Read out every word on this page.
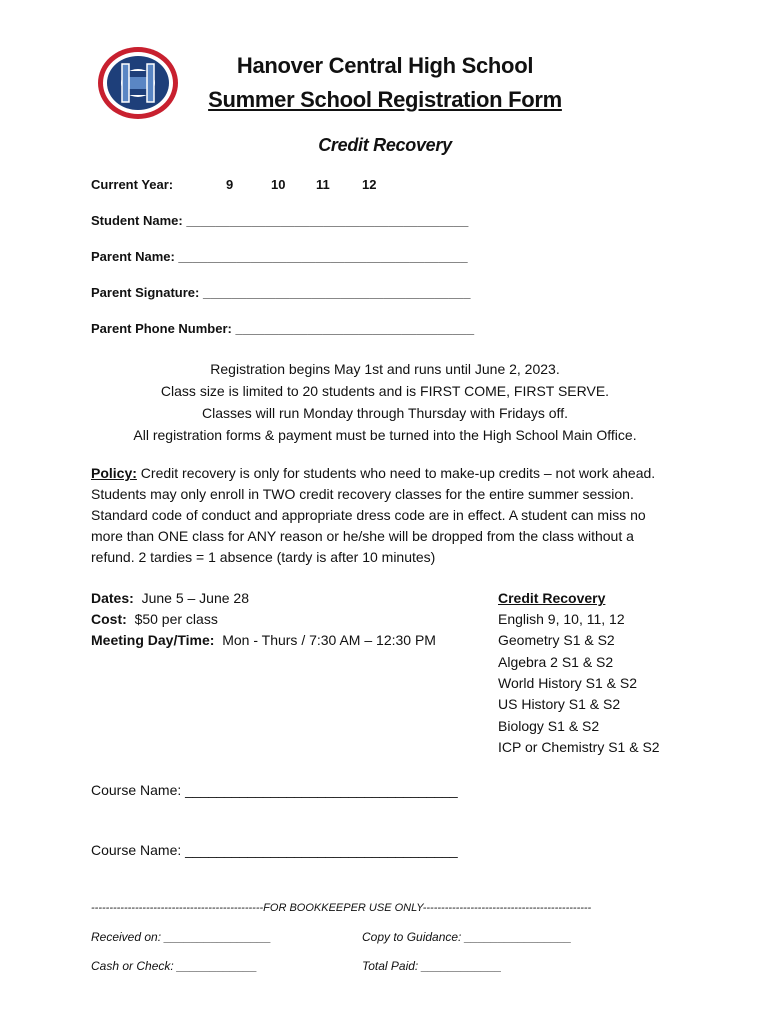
Hanover Central High School
Summer School Registration Form
Credit Recovery
Current Year:	9	10 11 12
Student Name: _______________________________________
Parent Name: ________________________________________
Parent Signature: _____________________________________
Parent Phone Number: _________________________________
Registration begins May 1st and runs until June 2, 2023.
Class size is limited to 20 students and is FIRST COME, FIRST SERVE.
Classes will run Monday through Thursday with Fridays off.
All registration forms & payment must be turned into the High School Main Office.
Policy: Credit recovery is only for students who need to make-up credits – not work ahead. Students may only enroll in TWO credit recovery classes for the entire summer session. Standard code of conduct and appropriate dress code are in effect. A student can miss no more than ONE class for ANY reason or he/she will be dropped from the class without a refund. 2 tardies = 1 absence (tardy is after 10 minutes)
Dates: June 5 – June 28
Cost: $50 per class
Meeting Day/Time: Mon - Thurs / 7:30 AM – 12:30 PM
Credit Recovery
English 9, 10, 11, 12
Geometry S1 & S2
Algebra 2 S1 & S2
World History S1 & S2
US History S1 & S2
Biology S1 & S2
ICP or Chemistry S1 & S2
Course Name: ___________________________________
Course Name: ___________________________________
-----------------------------------------------FOR BOOKKEEPER USE ONLY----------------------------------------------
Received on: ________________	Copy to Guidance: ________________
Cash or Check: ____________	Total Paid: ____________
